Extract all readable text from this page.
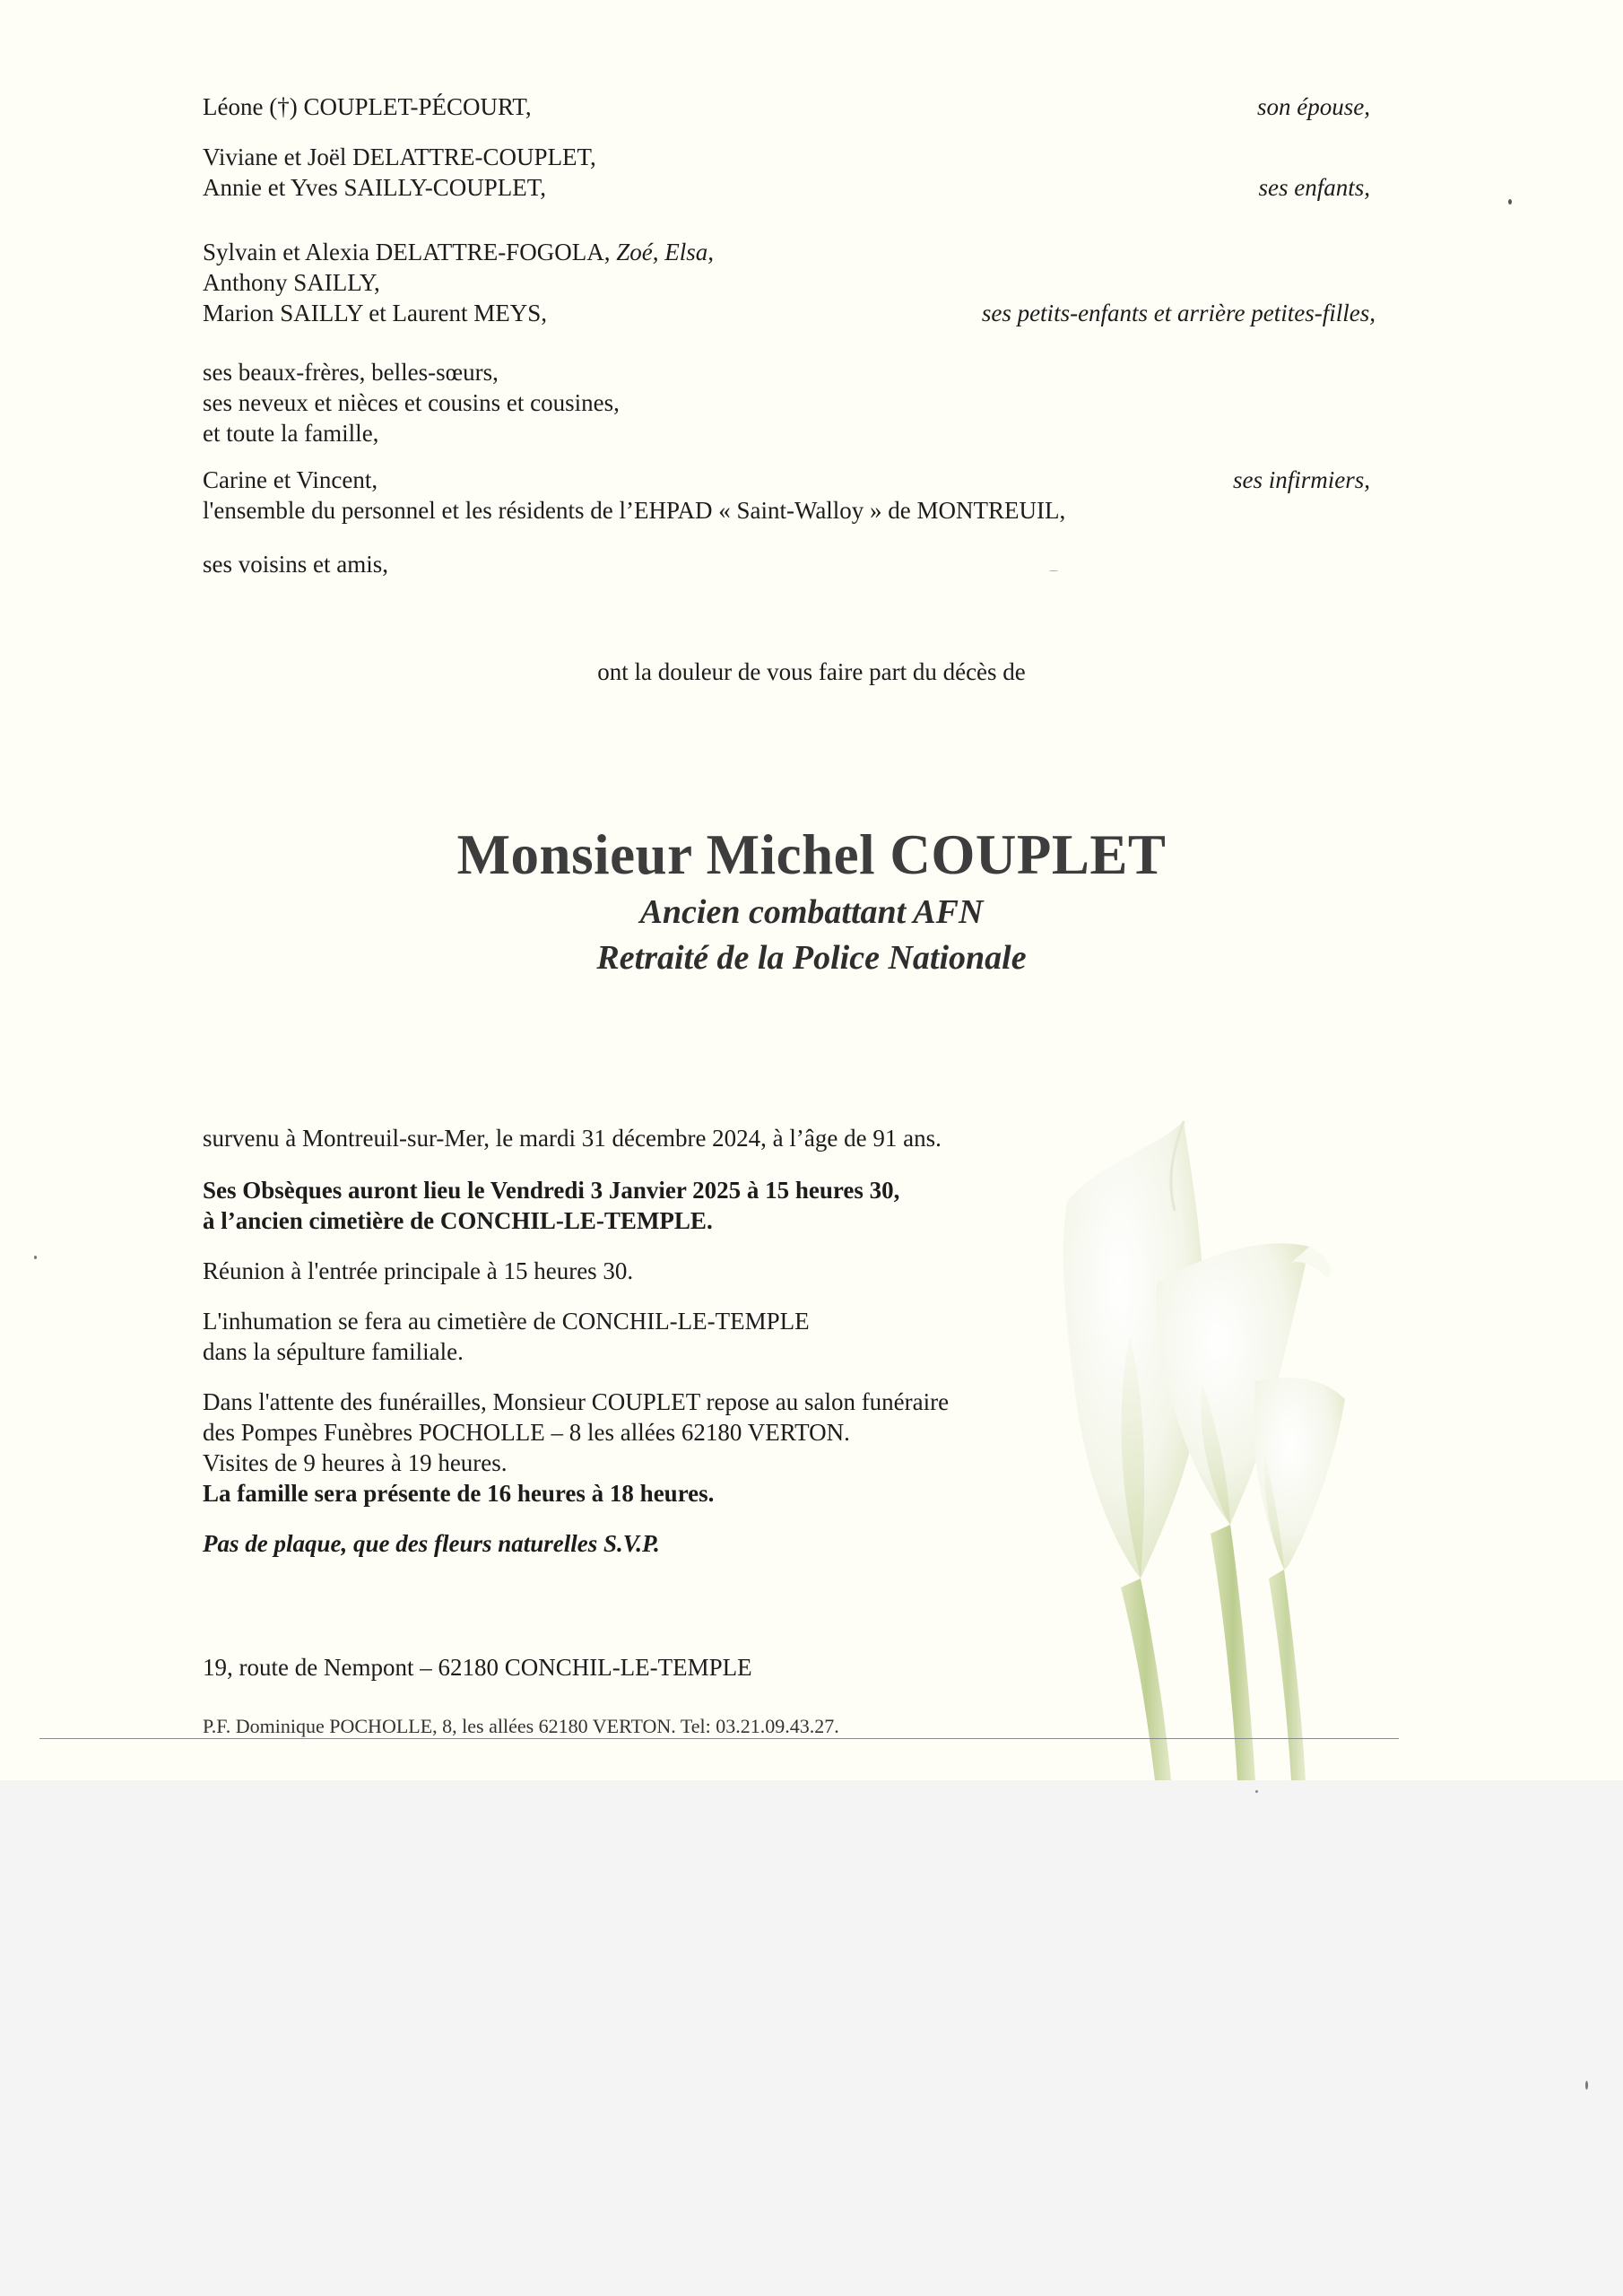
Léone (†) COUPLET-PÉCOURT,	son épouse,
Viviane et Joël DELATTRE-COUPLET,
Annie et Yves SAILLY-COUPLET,	ses enfants,
Sylvain et Alexia DELATTRE-FOGOLA, Zoé, Elsa,
Anthony SAILLY,
Marion SAILLY et Laurent MEYS,	ses petits-enfants et arrière petites-filles,
ses beaux-frères, belles-sœurs,
ses neveux et nièces et cousins et cousines,
et toute la famille,
Carine et Vincent,	ses infirmiers,
l'ensemble du personnel et les résidents de l’EHPAD « Saint-Walloy » de MONTREUIL,
ses voisins et amis,
ont la douleur de vous faire part du décès de
Monsieur Michel COUPLET
Ancien combattant AFN
Retraité de la Police Nationale
survenu à Montreuil-sur-Mer, le mardi 31 décembre 2024, à l’âge de 91 ans.
Ses Obsèques auront lieu le Vendredi 3 Janvier 2025 à 15 heures 30,
à l’ancien cimetière de CONCHIL-LE-TEMPLE.
Réunion à l'entrée principale à 15 heures 30.
L'inhumation se fera au cimetière de CONCHIL-LE-TEMPLE
dans la sépulture familiale.
Dans l'attente des funérailles, Monsieur COUPLET repose au salon funéraire
des Pompes Funèbres POCHOLLE – 8 les allées 62180 VERTON.
Visites de 9 heures à 19 heures.
La famille sera présente de 16 heures à 18 heures.
Pas de plaque, que des fleurs naturelles S.V.P.
19, route de Nempont – 62180 CONCHIL-LE-TEMPLE
P.F. Dominique POCHOLLE, 8, les allées 62180 VERTON. Tel: 03.21.09.43.27.
